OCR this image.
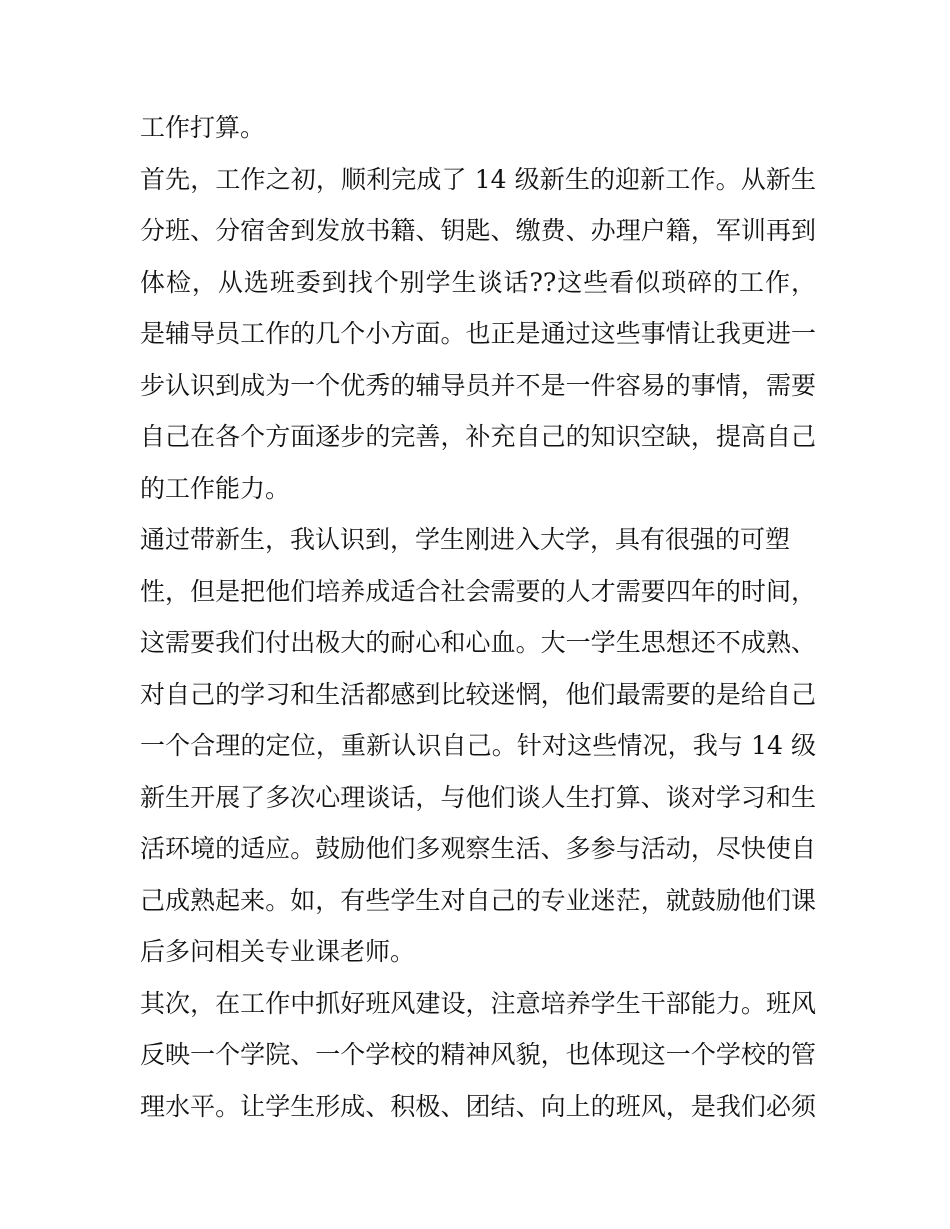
工作打算。
首先，工作之初，顺利完成了 14 级新生的迎新工作。从新生
分班、分宿舍到发放书籍、钥匙、缴费、办理户籍，军训再到
体检，从选班委到找个别学生谈话??这些看似琐碎的工作，
是辅导员工作的几个小方面。也正是通过这些事情让我更进一
步认识到成为一个优秀的辅导员并不是一件容易的事情，需要
自己在各个方面逐步的完善，补充自己的知识空缺，提高自己
的工作能力。
通过带新生，我认识到，学生刚进入大学，具有很强的可塑
性，但是把他们培养成适合社会需要的人才需要四年的时间，
这需要我们付出极大的耐心和心血。大一学生思想还不成熟、
对自己的学习和生活都感到比较迷惘，他们最需要的是给自己
一个合理的定位，重新认识自己。针对这些情况，我与 14 级
新生开展了多次心理谈话，与他们谈人生打算、谈对学习和生
活环境的适应。鼓励他们多观察生活、多参与活动，尽快使自
己成熟起来。如，有些学生对自己的专业迷茫，就鼓励他们课
后多问相关专业课老师。
其次，在工作中抓好班风建设，注意培养学生干部能力。班风
反映一个学院、一个学校的精神风貌，也体现这一个学校的管
理水平。让学生形成、积极、团结、向上的班风，是我们必须
